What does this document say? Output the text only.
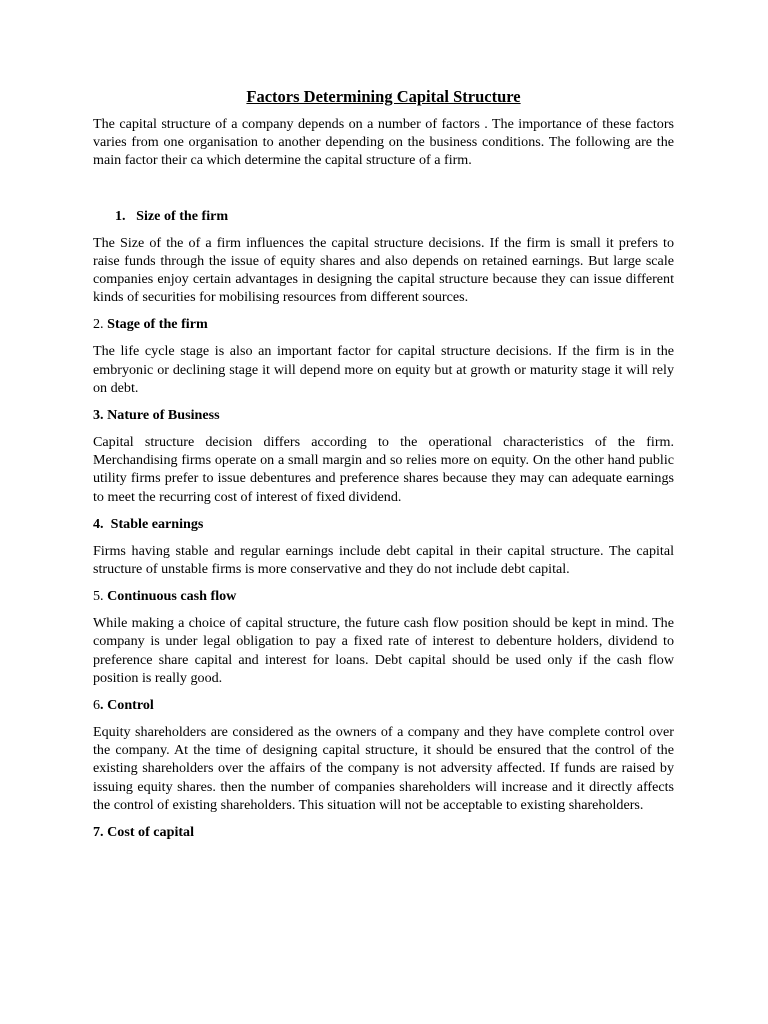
Factors Determining Capital Structure

The capital structure of a company depends on a number of factors . The importance of these factors varies from one organisation to another depending on the business conditions. The following are the main factor their ca which determine the capital structure of a firm.

1. Size of the firm

The Size of the of a firm influences the capital structure decisions. If the firm is small it prefers to raise funds through the issue of equity shares and also depends on retained earnings. But large scale companies enjoy certain advantages in designing the capital structure because they can issue different kinds of securities for mobilising resources from different sources.

2. Stage of the firm

The life cycle stage is also an important factor for capital structure decisions. If the firm is in the embryonic or declining stage it will depend more on equity but at growth or maturity stage it will rely on debt.

3. Nature of Business

Capital structure decision differs according to the operational characteristics of the firm. Merchandising firms operate on a small margin and so relies more on equity. On the other hand public utility firms prefer to issue debentures and preference shares because they may can adequate earnings to meet the recurring cost of interest of fixed dividend.

4. Stable earnings

Firms having stable and regular earnings include debt capital in their capital structure. The capital structure of unstable firms is more conservative and they do not include debt capital.

5. Continuous cash flow

While making a choice of capital structure, the future cash flow position should be kept in mind. The company is under legal obligation to pay a fixed rate of interest to debenture holders, dividend to preference share capital and interest for loans. Debt capital should be used only if the cash flow position is really good.

6. Control

Equity shareholders are considered as the owners of a company and they have complete control over the company. At the time of designing capital structure, it should be ensured that the control of the existing shareholders over the affairs of the company is not adversity affected. If funds are raised by issuing equity shares. then the number of companies shareholders will increase and it directly affects the control of existing shareholders. This situation will not be acceptable to existing shareholders.

7. Cost of capital
